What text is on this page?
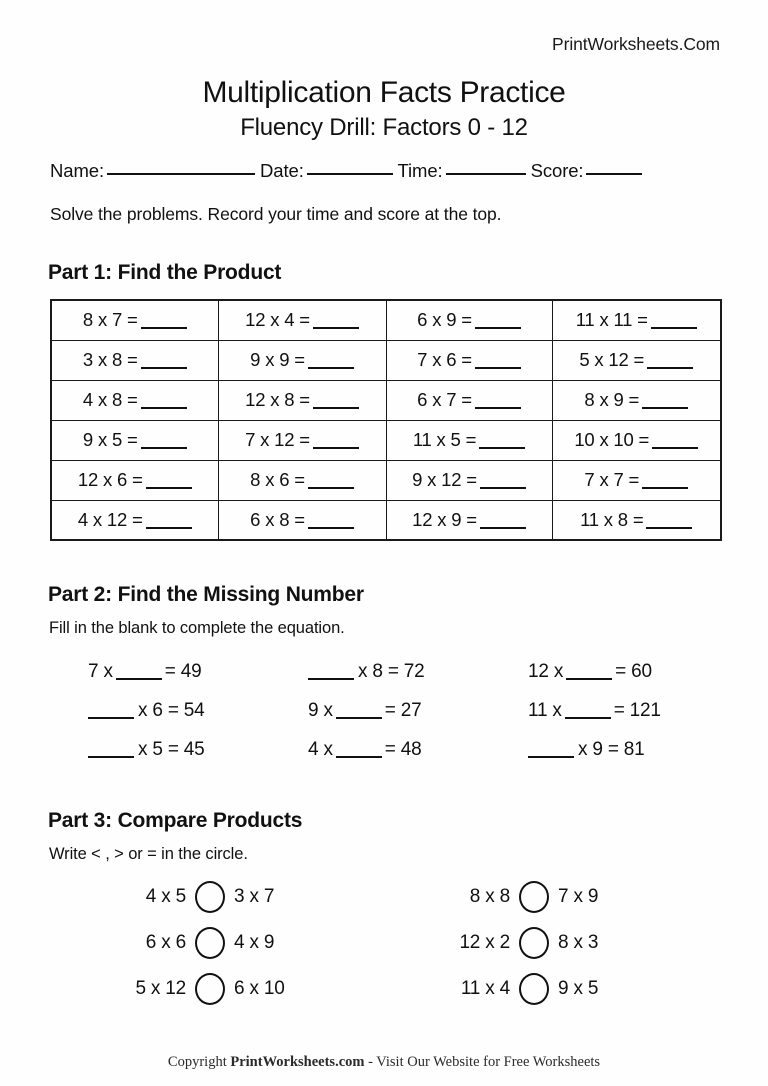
PrintWorksheets.Com
Multiplication Facts Practice
Fluency Drill: Factors 0 - 12
Name:	Date:	Time:	Score:
Solve the problems. Record your time and score at the top.
Part 1: Find the Product
8 x 7 =	12 x 4 =	6 x 9 =	11 x 11 =
3 x 8 =	9 x 9 =	7 x 6 =	5 x 12 =
4 x 8 =	12 x 8 =	6 x 7 =	8 x 9 =
9 x 5 =	7 x 12 =	11 x 5 =	10 x 10 =
12 x 6 =	8 x 6 =	9 x 12 =	7 x 7 =
4 x 12 =	6 x 8 =	12 x 9 =	11 x 8 =
Part 2: Find the Missing Number
Fill in the blank to complete the equation.
7 x	= 49	x 8 = 72	12 x	= 60
x 6 = 54	9 x	= 27	11 x	= 121
x 5 = 45	4 x	= 48	x 9 = 81
Part 3: Compare Products
Write < , > or = in the circle.
4 x 5	3 x 7	8 x 8	7 x 9
6 x 6	4 x 9	12 x 2	8 x 3
5 x 12	6 x 10	11 x 4	9 x 5
Copyright PrintWorksheets.com - Visit Our Website for Free Worksheets
